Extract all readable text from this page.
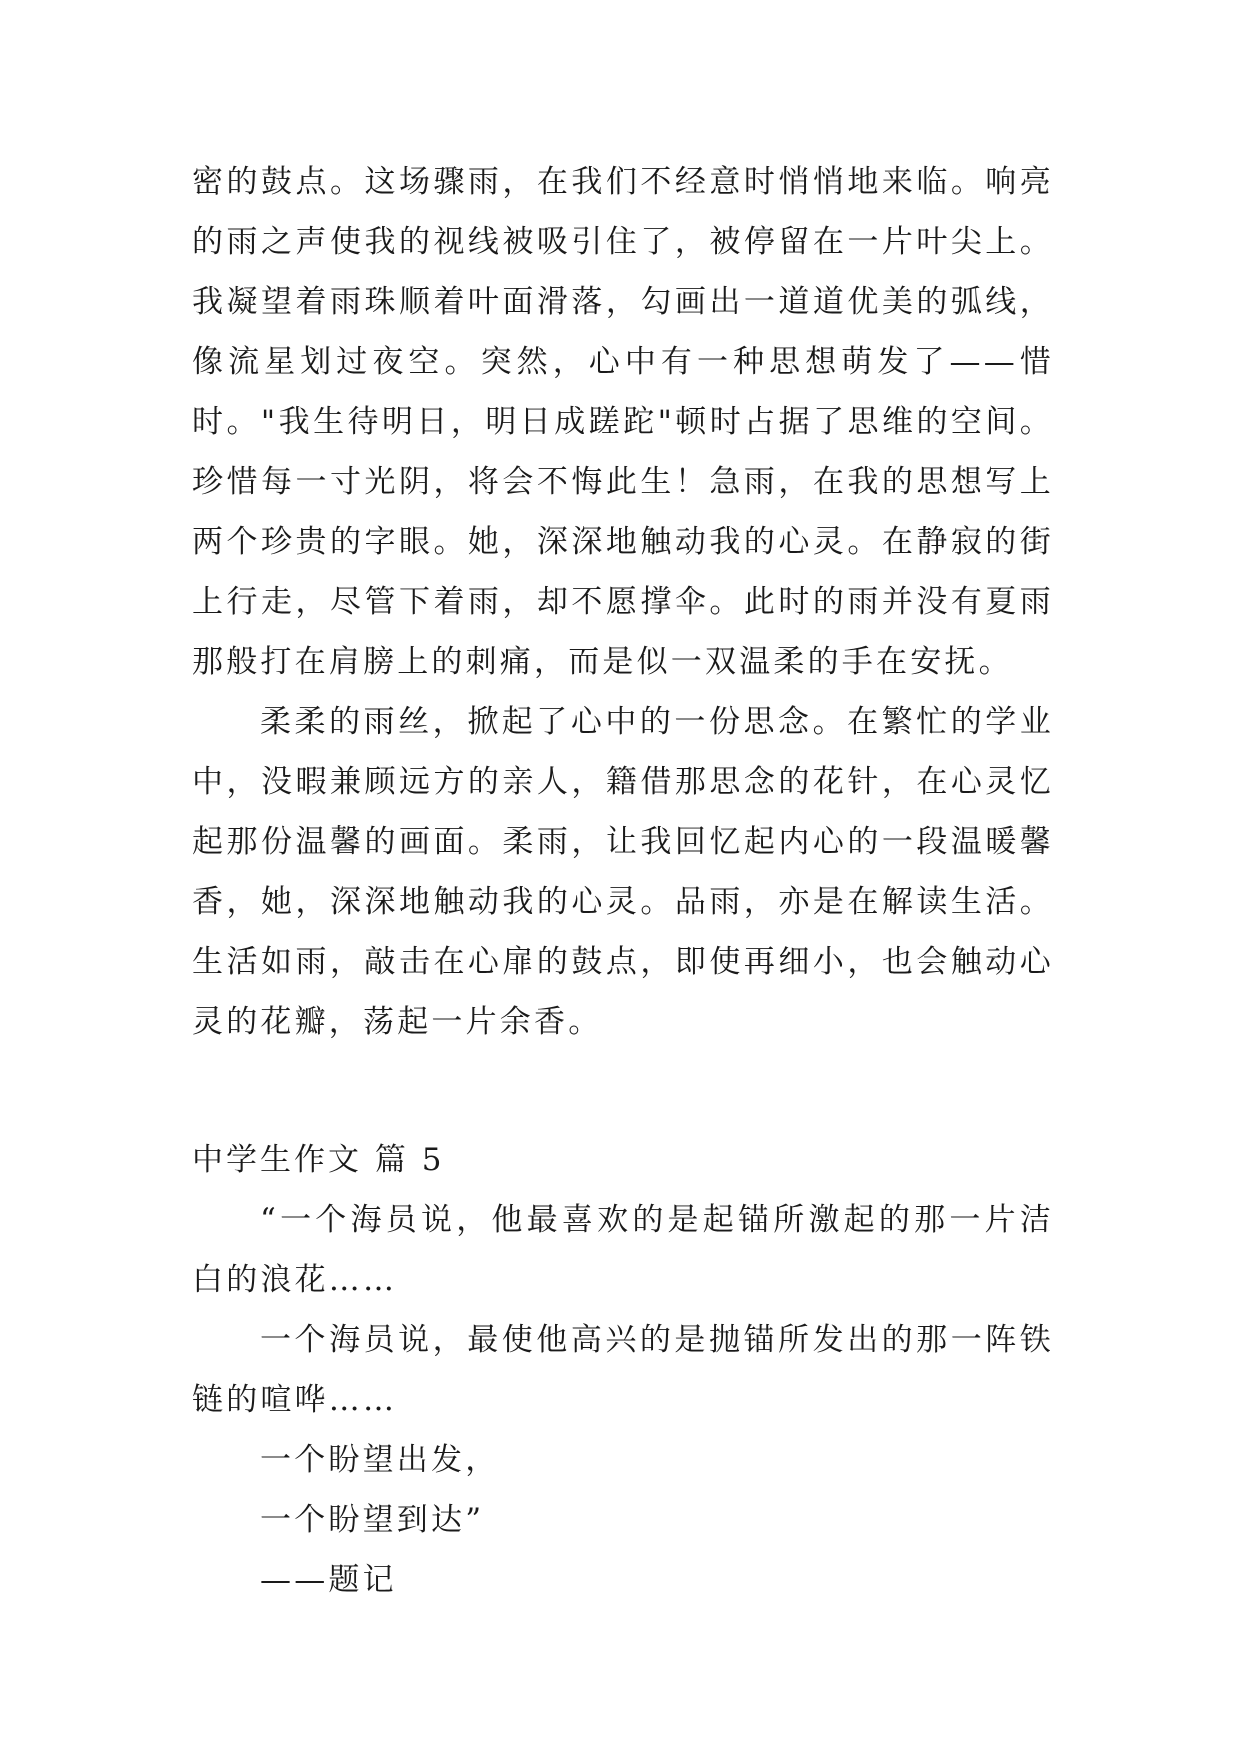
密的鼓点。这场骤雨，在我们不经意时悄悄地来临。响亮的雨之声使我的视线被吸引住了，被停留在一片叶尖上。我凝望着雨珠顺着叶面滑落，勾画出一道道优美的弧线，像流星划过夜空。突然，心中有一种思想萌发了——惜时。"我生待明日，明日成蹉跎"顿时占据了思维的空间。珍惜每一寸光阴，将会不悔此生！急雨，在我的思想写上两个珍贵的字眼。她，深深地触动我的心灵。在静寂的街上行走，尽管下着雨，却不愿撑伞。此时的雨并没有夏雨那般打在肩膀上的刺痛，而是似一双温柔的手在安抚。

柔柔的雨丝，掀起了心中的一份思念。在繁忙的学业中，没暇兼顾远方的亲人，籍借那思念的花针，在心灵忆起那份温馨的画面。柔雨，让我回忆起内心的一段温暖馨香，她，深深地触动我的心灵。品雨，亦是在解读生活。生活如雨，敲击在心扉的鼓点，即使再细小，也会触动心灵的花瓣，荡起一片余香。

中学生作文 篇 5

“一个海员说，他最喜欢的是起锚所激起的那一片洁白的浪花……

一个海员说，最使他高兴的是抛锚所发出的那一阵铁链的喧哗……

一个盼望出发，

一个盼望到达”

——题记
